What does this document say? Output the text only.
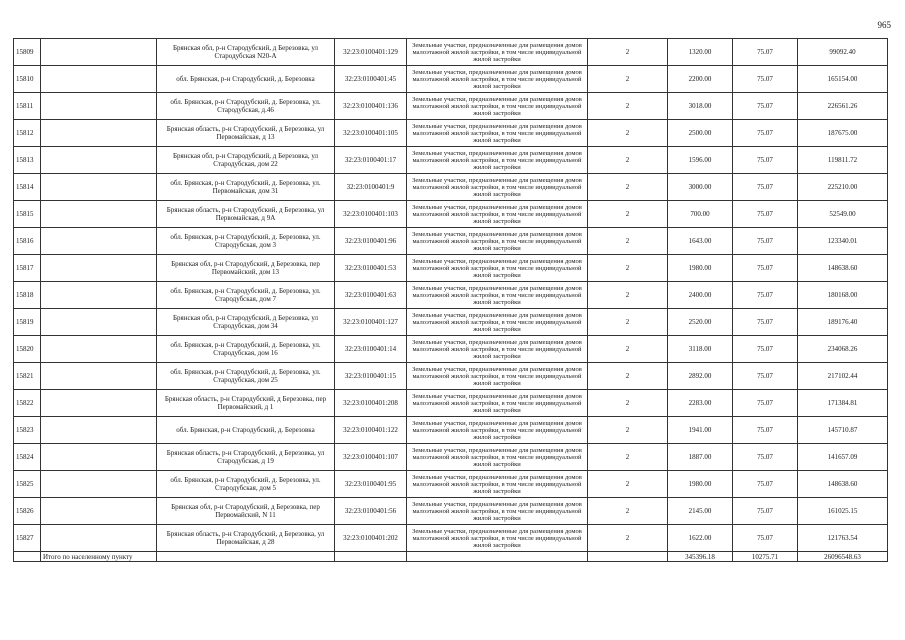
965
15809		Брянская обл, р-н Стародубский, д Березовка, ул Стародубская N20-А	32:23:0100401:129	Земельные участки, предназначенные для размещения домов малоэтажной жилой застройки, в том числе индивидуальной жилой застройки	2	1320.00	75.07	99092.40
15810		обл. Брянская, р-н Стародубский, д. Березовка	32:23:0100401:45	Земельные участки, предназначенные для размещения домов малоэтажной жилой застройки, в том числе индивидуальной жилой застройки	2	2200.00	75.07	165154.00
15811		обл. Брянская, р-н Стародубский, д. Березовка, ул. Стародубская, д.46	32:23:0100401:136	Земельные участки, предназначенные для размещения домов малоэтажной жилой застройки, в том числе индивидуальной жилой застройки	2	3018.00	75.07	226561.26
15812		Брянская область, р-н Стародубский, д Березовка, ул Первомайская, д 13	32:23:0100401:105	Земельные участки, предназначенные для размещения домов малоэтажной жилой застройки, в том числе индивидуальной жилой застройки	2	2500.00	75.07	187675.00
15813		Брянская обл, р-н Стародубский, д Березовка, ул Стародубская, дом 22	32:23:0100401:17	Земельные участки, предназначенные для размещения домов малоэтажной жилой застройки, в том числе индивидуальной жилой застройки	2	1596.00	75.07	119811.72
15814		обл. Брянская, р-н Стародубский, д. Березовка, ул. Первомайская, дом 31	32:23:0100401:9	Земельные участки, предназначенные для размещения домов малоэтажной жилой застройки, в том числе индивидуальной жилой застройки	2	3000.00	75.07	225210.00
15815		Брянская область, р-н Стародубский, д Березовка, ул Первомайская, д 9А	32:23:0100401:103	Земельные участки, предназначенные для размещения домов малоэтажной жилой застройки, в том числе индивидуальной жилой застройки	2	700.00	75.07	52549.00
15816		обл. Брянская, р-н Стародубский, д. Березовка, ул. Стародубская, дом 3	32:23:0100401:96	Земельные участки, предназначенные для размещения домов малоэтажной жилой застройки, в том числе индивидуальной жилой застройки	2	1643.00	75.07	123340.01
15817		Брянская обл, р-н Стародубский, д Березовка, пер Первомайский, дом 13	32:23:0100401:53	Земельные участки, предназначенные для размещения домов малоэтажной жилой застройки, в том числе индивидуальной жилой застройки	2	1980.00	75.07	148638.60
15818		обл. Брянская, р-н Стародубский, д. Березовка, ул. Стародубская, дом 7	32:23:0100401:63	Земельные участки, предназначенные для размещения домов малоэтажной жилой застройки, в том числе индивидуальной жилой застройки	2	2400.00	75.07	180168.00
15819		Брянская обл, р-н Стародубский, д Березовка, ул Стародубская, дом 34	32:23:0100401:127	Земельные участки, предназначенные для размещения домов малоэтажной жилой застройки, в том числе индивидуальной жилой застройки	2	2520.00	75.07	189176.40
15820		обл. Брянская, р-н Стародубский, д. Березовка, ул. Стародубская, дом 16	32:23:0100401:14	Земельные участки, предназначенные для размещения домов малоэтажной жилой застройки, в том числе индивидуальной жилой застройки	2	3118.00	75.07	234068.26
15821		обл. Брянская, р-н Стародубский, д. Березовка, ул. Стародубская, дом 25	32:23:0100401:15	Земельные участки, предназначенные для размещения домов малоэтажной жилой застройки, в том числе индивидуальной жилой застройки	2	2892.00	75.07	217102.44
15822		Брянская область, р-н Стародубский, д Березовка, пер Первомайский, д 1	32:23:0100401:208	Земельные участки, предназначенные для размещения домов малоэтажной жилой застройки, в том числе индивидуальной жилой застройки	2	2283.00	75.07	171384.81
15823		обл. Брянская, р-н Стародубский, д. Березовка	32:23:0100401:122	Земельные участки, предназначенные для размещения домов малоэтажной жилой застройки, в том числе индивидуальной жилой застройки	2	1941.00	75.07	145710.87
15824		Брянская область, р-н Стародубский, д Березовка, ул Стародубская, д 19	32:23:0100401:107	Земельные участки, предназначенные для размещения домов малоэтажной жилой застройки, в том числе индивидуальной жилой застройки	2	1887.00	75.07	141657.09
15825		обл. Брянская, р-н Стародубский, д. Березовка, ул. Стародубская, дом 5	32:23:0100401:95	Земельные участки, предназначенные для размещения домов малоэтажной жилой застройки, в том числе индивидуальной жилой застройки	2	1980.00	75.07	148638.60
15826		Брянская обл, р-н Стародубский, д Березовка, пер Первомайский, N 11	32:23:0100401:56	Земельные участки, предназначенные для размещения домов малоэтажной жилой застройки, в том числе индивидуальной жилой застройки	2	2145.00	75.07	161025.15
15827		Брянская область, р-н Стародубский, д Березовка, ул Первомайская, д 28	32:23:0100401:202	Земельные участки, предназначенные для размещения домов малоэтажной жилой застройки, в том числе индивидуальной жилой застройки	2	1622.00	75.07	121763.54
	Итого по населенному пункту					345396.18	10275.71	26096548.63
